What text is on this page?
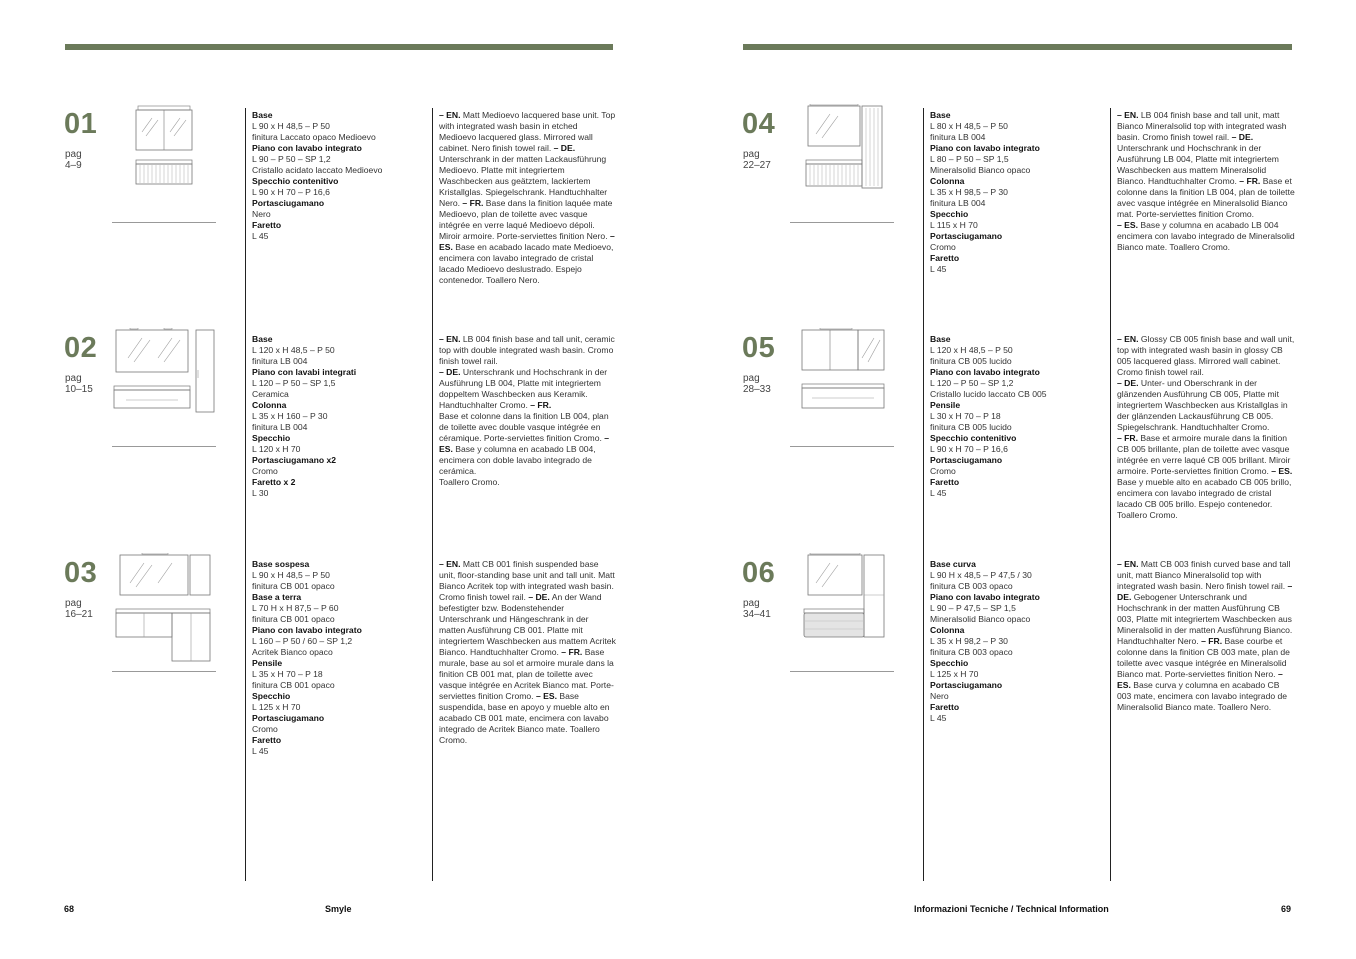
01
pag
4–9
Base
L 90 x H 48,5 – P 50
finitura Laccato opaco Medioevo
Piano con lavabo integrato
L 90 – P 50 – SP 1,2
Cristallo acidato laccato Medioevo
Specchio contenitivo
L 90 x H 70 – P 16,6
Portasciugamano
Nero
Faretto
L 45
– EN. Matt Medioevo lacquered base unit. Top with integrated wash basin in etched Medioevo lacquered glass. Mirrored wall cabinet. Nero finish towel rail. – DE. Unterschrank in der matten Lackausführung Medioevo. Platte mit integriertem Waschbecken aus geätztem, lackiertem Kristallglas. Spiegelschrank. Handtuchhalter Nero. – FR. Base dans la finition laquée mate Medioevo, plan de toilette avec vasque intégrée en verre laqué Medioevo dépoli. Miroir armoire. Porte-serviettes finition Nero. – ES. Base en acabado lacado mate Medioevo, encimera con lavabo integrado de cristal lacado Medioevo deslustrado. Espejo contenedor. Toallero Nero.
02
pag
10–15
Base
L 120 x H 48,5 – P 50
finitura LB 004
Piano con lavabi integrati
L 120 – P 50 – SP 1,5
Ceramica
Colonna
L 35 x H 160 – P 30
finitura LB 004
Specchio
L 120 x H 70
Portasciugamano x2
Cromo
Faretto x 2
L 30
– EN. LB 004 finish base and tall unit, ceramic top with double integrated wash basin. Cromo finish towel rail.
– DE. Unterschrank und Hochschrank in der Ausführung LB 004, Platte mit integriertem doppeltem Waschbecken aus Keramik. Handtuchhalter Cromo. – FR.
Base et colonne dans la finition LB 004, plan de toilette avec double vasque intégrée en céramique. Porte-serviettes finition Cromo. – ES. Base y columna en acabado LB 004, encimera con doble lavabo integrado de cerámica.
Toallero Cromo.
03
pag
16–21
Base sospesa
L 90 x H 48,5 – P 50
finitura CB 001 opaco
Base a terra
L 70 H x H 87,5 – P 60
finitura CB 001 opaco
Piano con lavabo integrato
L 160 – P 50 / 60 – SP 1,2
Acritek Bianco opaco
Pensile
L 35 x H 70 – P 18
finitura CB 001 opaco
Specchio
L 125 x H 70
Portasciugamano
Cromo
Faretto
L 45
– EN. Matt CB 001 finish suspended base unit, floor-standing base unit and tall unit. Matt Bianco Acritek top with integrated wash basin. Cromo finish towel rail. – DE. An der Wand befestigter bzw. Bodenstehender Unterschrank und Hängeschrank in der matten Ausführung CB 001. Platte mit integriertem Waschbecken aus mattem Acritek Bianco. Handtuchhalter Cromo. – FR. Base murale, base au sol et armoire murale dans la finition CB 001 mat, plan de toilette avec vasque intégrée en Acritek Bianco mat. Porte-serviettes finition Cromo. – ES. Base suspendida, base en apoyo y mueble alto en acabado CB 001 mate, encimera con lavabo integrado de Acritek Bianco mate. Toallero Cromo.
68	Smyle
04
pag
22–27
Base
L 80 x H 48,5 – P 50
finitura LB 004
Piano con lavabo integrato
L 80 – P 50 – SP 1,5
Mineralsolid Bianco opaco
Colonna
L 35 x H 98,5 – P 30
finitura LB 004
Specchio
L 115 x H 70
Portasciugamano
Cromo
Faretto
L 45
– EN. LB 004 finish base and tall unit, matt Bianco Mineralsolid top with integrated wash basin. Cromo finish towel rail. – DE. Unterschrank und Hochschrank in der Ausführung LB 004, Platte mit integriertem Waschbecken aus mattem Mineralsolid Bianco. Handtuchhalter Cromo. – FR. Base et colonne dans la finition LB 004, plan de toilette avec vasque intégrée en Mineralsolid Bianco mat. Porte-serviettes finition Cromo.
– ES. Base y columna en acabado LB 004 encimera con lavabo integrado de Mineralsolid Bianco mate. Toallero Cromo.
05
pag
28–33
Base
L 120 x H 48,5 – P 50
finitura CB 005 lucido
Piano con lavabo integrato
L 120 – P 50 – SP 1,2
Cristallo lucido laccato CB 005
Pensile
L 30 x H 70 – P 18
finitura CB 005 lucido
Specchio contenitivo
L 90 x H 70 – P 16,6
Portasciugamano
Cromo
Faretto
L 45
– EN. Glossy CB 005 finish base and wall unit, top with integrated wash basin in glossy CB 005 lacquered glass. Mirrored wall cabinet. Cromo finish towel rail.
– DE. Unter- und Oberschrank in der glänzenden Ausführung CB 005, Platte mit integriertem Waschbecken aus Kristallglas in der glänzenden Lackausführung CB 005. Spiegelschrank. Handtuchhalter Cromo.
– FR. Base et armoire murale dans la finition CB 005 brillante, plan de toilette avec vasque intégrée en verre laqué CB 005 brillant. Miroir armoire. Porte-serviettes finition Cromo. – ES. Base y mueble alto en acabado CB 005 brillo, encimera con lavabo integrado de cristal lacado CB 005 brillo. Espejo contenedor. Toallero Cromo.
06
pag
34–41
Base curva
L 90 H x 48,5 – P 47,5 / 30
finitura CB 003 opaco
Piano con lavabo integrato
L 90 – P 47,5 – SP 1,5
Mineralsolid Bianco opaco
Colonna
L 35 x H 98,2 – P 30
finitura CB 003 opaco
Specchio
L 125 x H 70
Portasciugamano
Nero
Faretto
L 45
– EN. Matt CB 003 finish curved base and tall unit, matt Bianco Mineralsolid top with integrated wash basin. Nero finish towel rail. – DE. Gebogener Unterschrank und Hochschrank in der matten Ausführung CB 003, Platte mit integriertem Waschbecken aus Mineralsolid in der matten Ausführung Bianco. Handtuchhalter Nero. – FR. Base courbe et colonne dans la finition CB 003 mate, plan de toilette avec vasque intégrée en Mineralsolid Bianco mat. Porte-serviettes finition Nero. – ES. Base curva y columna en acabado CB 003 mate, encimera con lavabo integrado de Mineralsolid Bianco mate. Toallero Nero.
Informazioni Tecniche / Technical Information	69
